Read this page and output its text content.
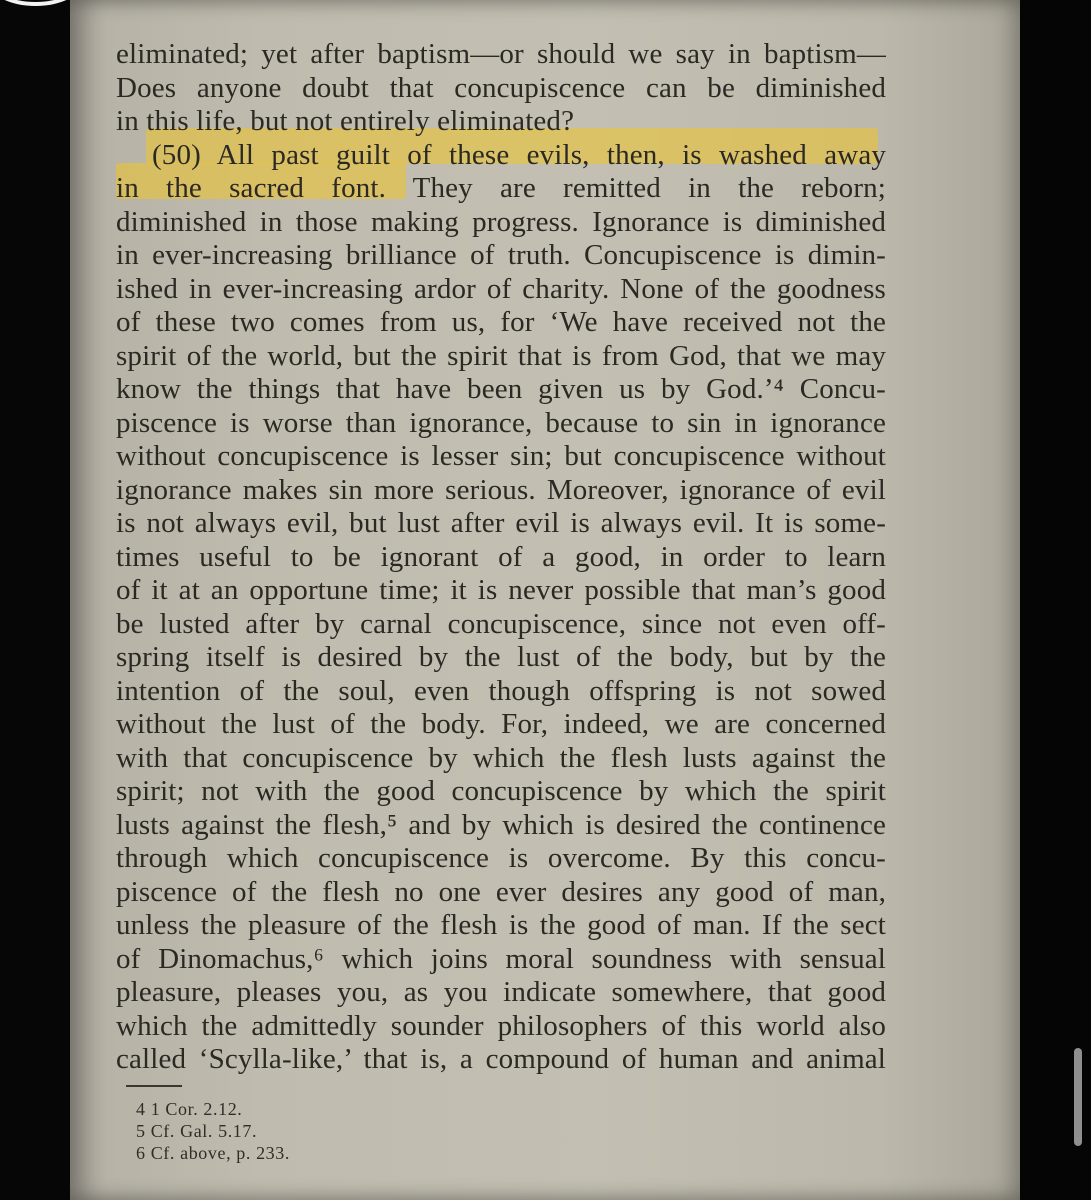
eliminated; yet after baptism—or should we say in baptism—
Does anyone doubt that concupiscence can be diminished
in this life, but not entirely eliminated?
(50) All past guilt of these evils, then, is washed away
in the sacred font. They are remitted in the reborn;
diminished in those making progress. Ignorance is diminished
in ever-increasing brilliance of truth. Concupiscence is dimin-
ished in ever-increasing ardor of charity. None of the goodness
of these two comes from us, for ‘We have received not the
spirit of the world, but the spirit that is from God, that we may
know the things that have been given us by God.’⁴ Concu-
piscence is worse than ignorance, because to sin in ignorance
without concupiscence is lesser sin; but concupiscence without
ignorance makes sin more serious. Moreover, ignorance of evil
is not always evil, but lust after evil is always evil. It is some-
times useful to be ignorant of a good, in order to learn
of it at an opportune time; it is never possible that man’s good
be lusted after by carnal concupiscence, since not even off-
spring itself is desired by the lust of the body, but by the
intention of the soul, even though offspring is not sowed
without the lust of the body. For, indeed, we are concerned
with that concupiscence by which the flesh lusts against the
spirit; not with the good concupiscence by which the spirit
lusts against the flesh,⁵ and by which is desired the continence
through which concupiscence is overcome. By this concu-
piscence of the flesh no one ever desires any good of man,
unless the pleasure of the flesh is the good of man. If the sect
of Dinomachus,⁶ which joins moral soundness with sensual
pleasure, pleases you, as you indicate somewhere, that good
which the admittedly sounder philosophers of this world also
called ‘Scylla-like,’ that is, a compound of human and animal
4 1 Cor. 2.12.
5 Cf. Gal. 5.17.
6 Cf. above, p. 233.
